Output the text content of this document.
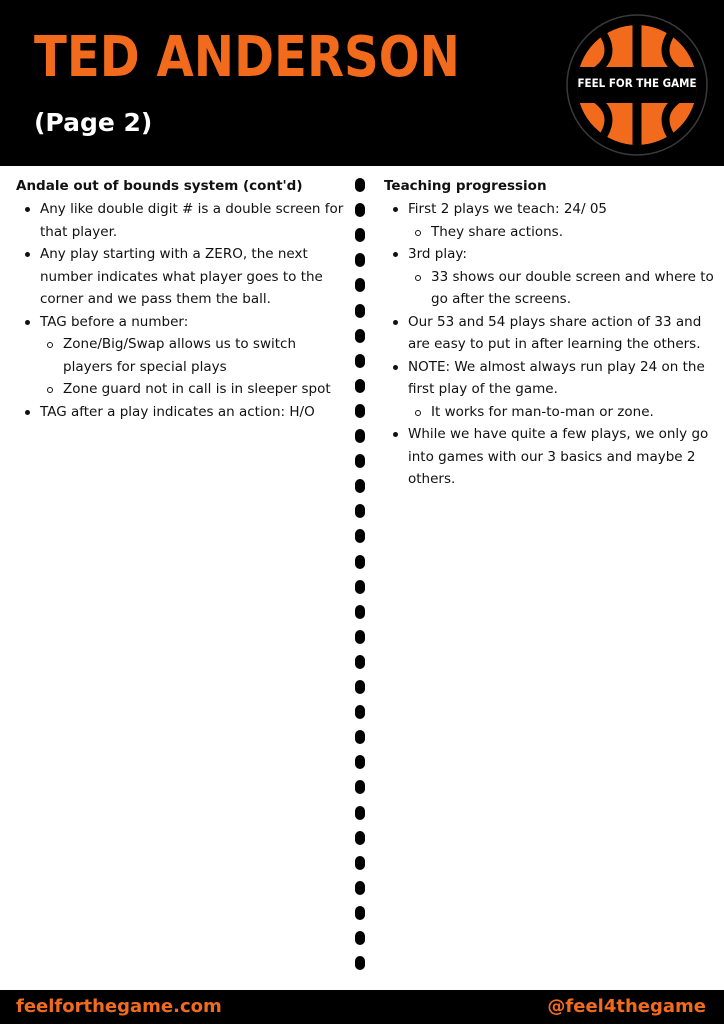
TED ANDERSON
(Page 2)
FEEL FOR THE GAME
Andale out of bounds system (cont'd)
Any like double digit # is a double screen for that player.
Any play starting with a ZERO, the next number indicates what player goes to the corner and we pass them the ball.
TAG before a number:
Zone/Big/Swap allows us to switch players for special plays
Zone guard not in call is in sleeper spot
TAG after a play indicates an action: H/O
Teaching progression
First 2 plays we teach: 24/ 05
They share actions.
3rd play:
33 shows our double screen and where to go after the screens.
Our 53 and 54 plays share action of 33 and are easy to put in after learning the others.
NOTE: We almost always run play 24 on the first play of the game.
It works for man-to-man or zone.
While we have quite a few plays, we only go into games with our 3 basics and maybe 2 others.
feelforthegame.com	@feel4thegame
